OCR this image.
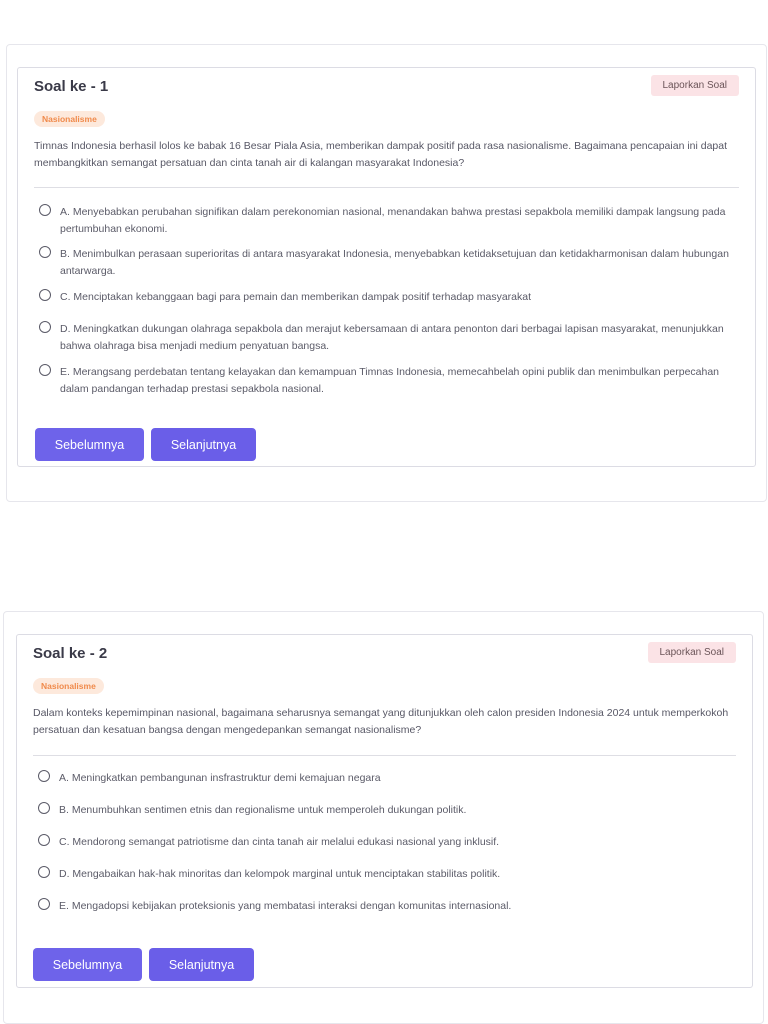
Soal ke - 1	Laporkan Soal
Nasionalisme
Timnas Indonesia berhasil lolos ke babak 16 Besar Piala Asia, memberikan dampak positif pada rasa nasionalisme. Bagaimana pencapaian ini dapat membangkitkan semangat persatuan dan cinta tanah air di kalangan masyarakat Indonesia?
A. Menyebabkan perubahan signifikan dalam perekonomian nasional, menandakan bahwa prestasi sepakbola memiliki dampak langsung pada pertumbuhan ekonomi.
B. Menimbulkan perasaan superioritas di antara masyarakat Indonesia, menyebabkan ketidaksetujuan dan ketidakharmonisan dalam hubungan antarwarga.
C. Menciptakan kebanggaan bagi para pemain dan memberikan dampak positif terhadap masyarakat
D. Meningkatkan dukungan olahraga sepakbola dan merajut kebersamaan di antara penonton dari berbagai lapisan masyarakat, menunjukkan bahwa olahraga bisa menjadi medium penyatuan bangsa.
E. Merangsang perdebatan tentang kelayakan dan kemampuan Timnas Indonesia, memecahbelah opini publik dan menimbulkan perpecahan dalam pandangan terhadap prestasi sepakbola nasional.
Sebelumnya	Selanjutnya
Soal ke - 2	Laporkan Soal
Nasionalisme
Dalam konteks kepemimpinan nasional, bagaimana seharusnya semangat yang ditunjukkan oleh calon presiden Indonesia 2024 untuk memperkokoh persatuan dan kesatuan bangsa dengan mengedepankan semangat nasionalisme?
A. Meningkatkan pembangunan insfrastruktur demi kemajuan negara
B. Menumbuhkan sentimen etnis dan regionalisme untuk memperoleh dukungan politik.
C. Mendorong semangat patriotisme dan cinta tanah air melalui edukasi nasional yang inklusif.
D. Mengabaikan hak-hak minoritas dan kelompok marginal untuk menciptakan stabilitas politik.
E. Mengadopsi kebijakan proteksionis yang membatasi interaksi dengan komunitas internasional.
Sebelumnya	Selanjutnya
